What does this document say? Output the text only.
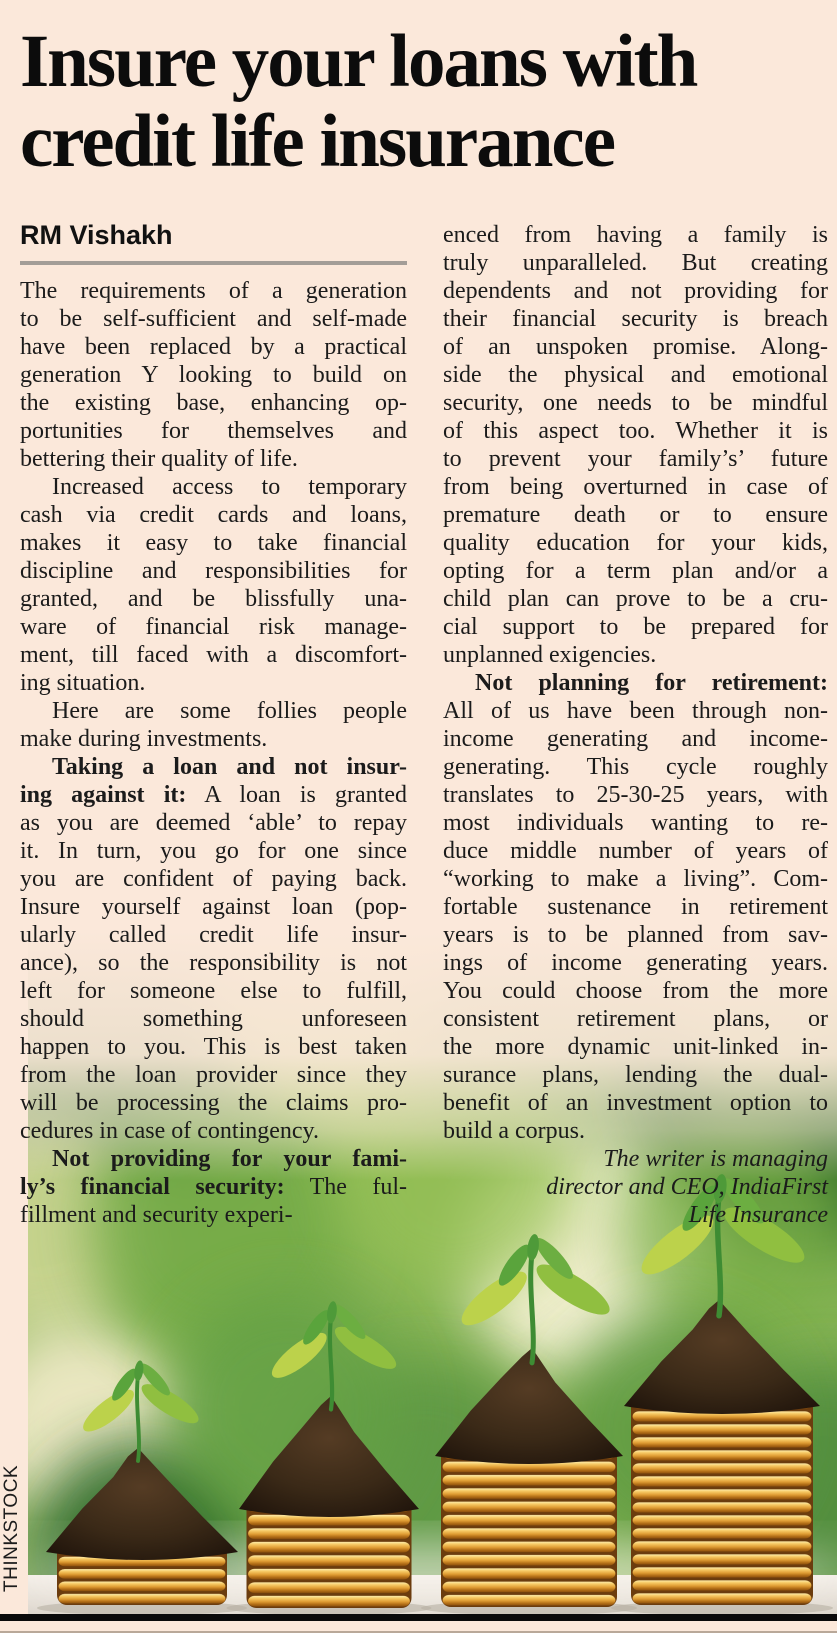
Insure your loans with
credit life insurance
RM Vishakh
THINKSTOCK
The requirements of a generation
to be self-sufficient and self-made
have been replaced by a practical
generation Y looking to build on
the existing base, enhancing op-
portunities for themselves and
bettering their quality of life.
Increased access to temporary
cash via credit cards and loans,
makes it easy to take financial
discipline and responsibilities for
granted, and be blissfully una-
ware of financial risk manage-
ment, till faced with a discomfort-
ing situation.
Here are some follies people
make during investments.
Taking a loan and not insur-
ing against it: A loan is granted
as you are deemed ‘able’ to repay
it. In turn, you go for one since
you are confident of paying back.
Insure yourself against loan (pop-
ularly called credit life insur-
ance), so the responsibility is not
left for someone else to fulfill,
should something unforeseen
happen to you. This is best taken
from the loan provider since they
will be processing the claims pro-
cedures in case of contingency.
Not providing for your fami-
ly’s financial security: The ful-
fillment and security experi-
enced from having a family is
truly unparalleled. But creating
dependents and not providing for
their financial security is breach
of an unspoken promise. Along-
side the physical and emotional
security, one needs to be mindful
of this aspect too. Whether it is
to prevent your family’s’ future
from being overturned in case of
premature death or to ensure
quality education for your kids,
opting for a term plan and/or a
child plan can prove to be a cru-
cial support to be prepared for
unplanned exigencies.
Not planning for retirement:
All of us have been through non-
income generating and income-
generating. This cycle roughly
translates to 25-30-25 years, with
most individuals wanting to re-
duce middle number of years of
“working to make a living”. Com-
fortable sustenance in retirement
years is to be planned from sav-
ings of income generating years.
You could choose from the more
consistent retirement plans, or
the more dynamic unit-linked in-
surance plans, lending the dual-
benefit of an investment option to
build a corpus.
The writer is managing
director and CEO, IndiaFirst
Life Insurance
